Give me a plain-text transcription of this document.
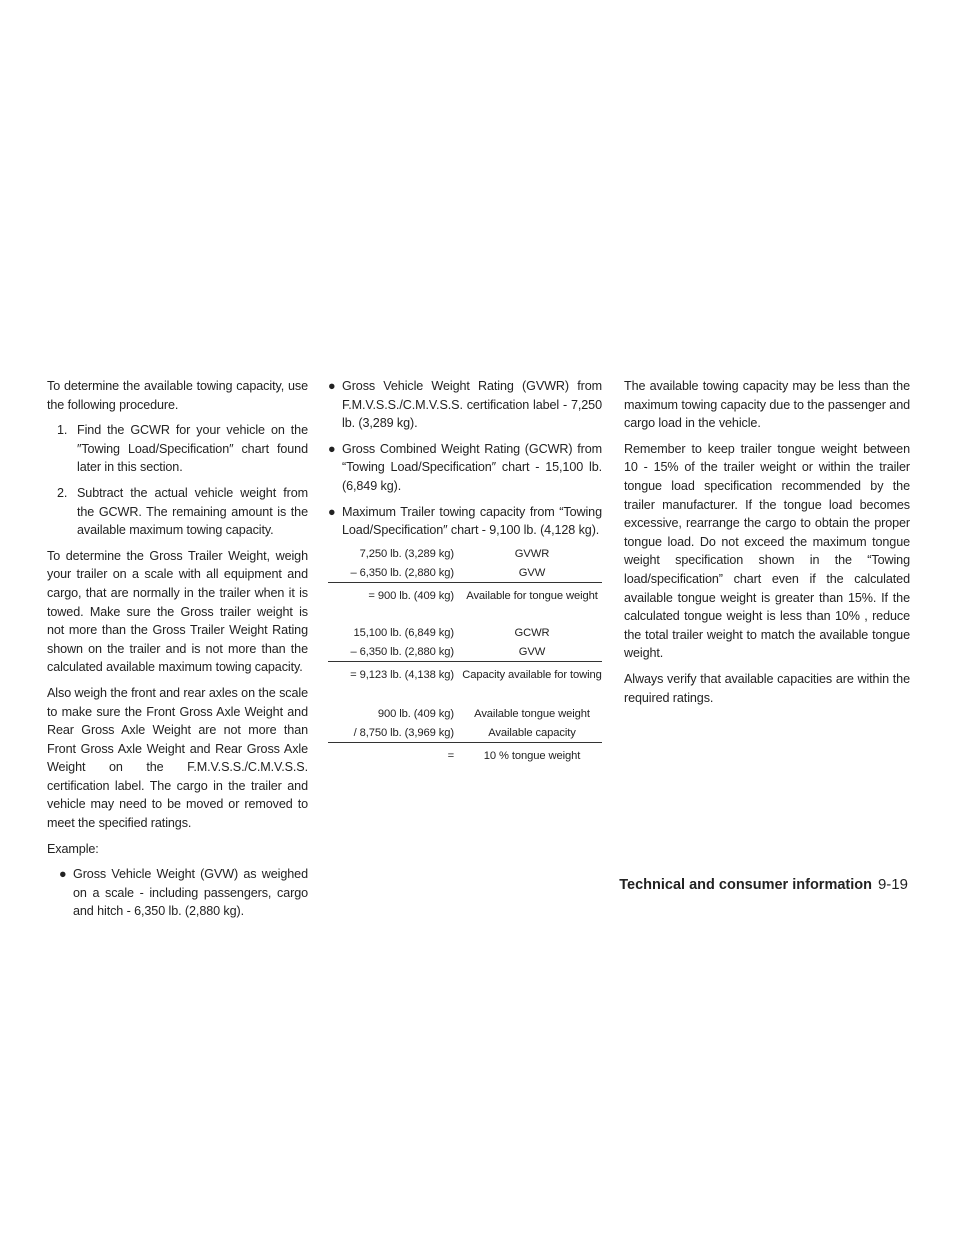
To determine the available towing capacity, use the following procedure.

1. Find the GCWR for your vehicle on the ″Towing Load/Specification″ chart found later in this section.
2. Subtract the actual vehicle weight from the GCWR. The remaining amount is the available maximum towing capacity.

To determine the Gross Trailer Weight, weigh your trailer on a scale with all equipment and cargo, that are normally in the trailer when it is towed. Make sure the Gross trailer weight is not more than the Gross Trailer Weight Rating shown on the trailer and is not more than the calculated available maximum towing capacity.

Also weigh the front and rear axles on the scale to make sure the Front Gross Axle Weight and Rear Gross Axle Weight are not more than Front Gross Axle Weight and Rear Gross Axle Weight on the F.M.V.S.S./C.M.V.S.S. certification label. The cargo in the trailer and vehicle may need to be moved or removed to meet the specified ratings.

Example:

● Gross Vehicle Weight (GVW) as weighed on a scale - including passengers, cargo and hitch - 6,350 lb. (2,880 kg).
● Gross Vehicle Weight Rating (GVWR) from F.M.V.S.S./C.M.V.S.S. certification label - 7,250 lb. (3,289 kg).
● Gross Combined Weight Rating (GCWR) from “Towing Load/Specification″ chart - 15,100 lb. (6,849 kg).
● Maximum Trailer towing capacity from “Towing Load/Specification″ chart - 9,100 lb. (4,128 kg).
7,250 lb. (3,289 kg)	GVWR
– 6,350 lb. (2,880 kg)	GVW
= 900 lb. (409 kg)	Available for tongue weight
15,100 lb. (6,849 kg)	GCWR
– 6,350 lb. (2,880 kg)	GVW
= 9,123 lb. (4,138 kg) Capacity available for towing
900 lb. (409 kg)	Available tongue weight
/ 8,750 lb. (3,969 kg)	Available capacity
=	10 % tongue weight

The available towing capacity may be less than the maximum towing capacity due to the passenger and cargo load in the vehicle.

Remember to keep trailer tongue weight between 10 - 15% of the trailer weight or within the trailer tongue load specification recommended by the trailer manufacturer. If the tongue load becomes excessive, rearrange the cargo to obtain the proper tongue load. Do not exceed the maximum tongue weight specification shown in the “Towing load/specification” chart even if the calculated available tongue weight is greater than 15%. If the calculated tongue weight is less than 10% , reduce the total trailer weight to match the available tongue weight.

Always verify that available capacities are within the required ratings.

Technical and consumer information 9-19
